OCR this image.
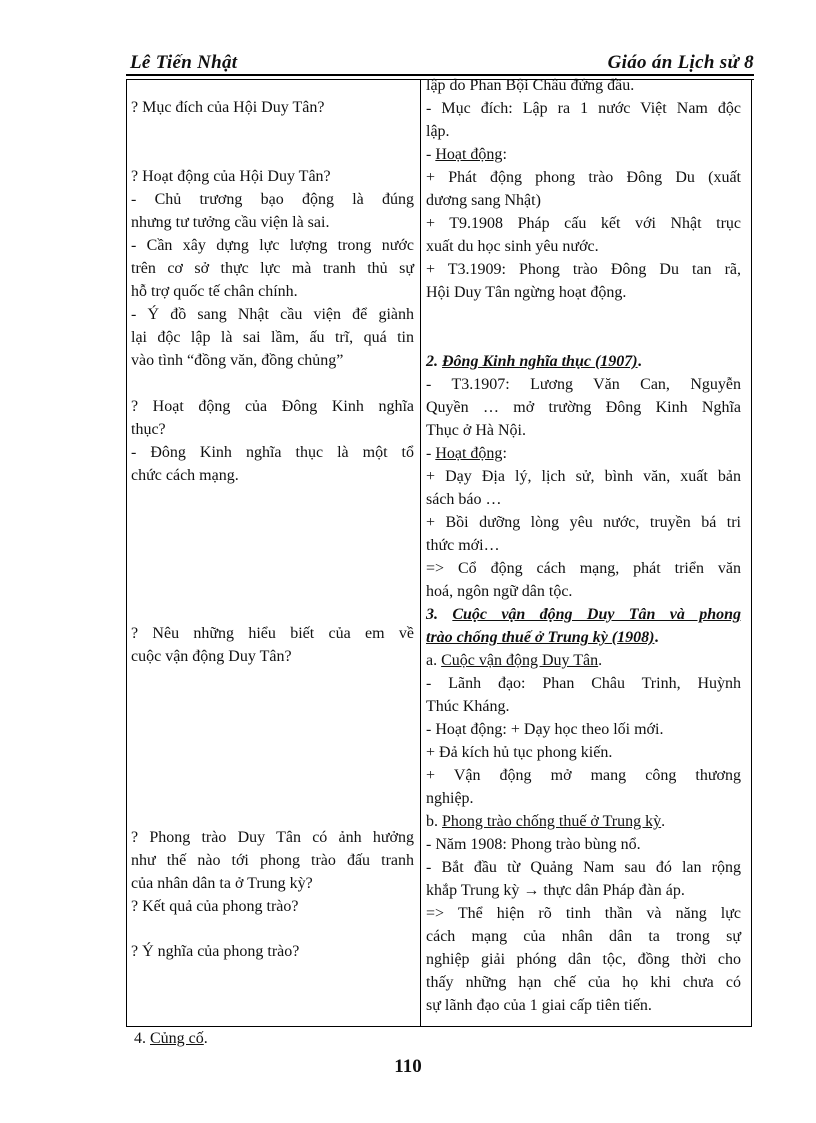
Lê Tiến Nhật	Giáo án Lịch sử 8
? Mục đích của Hội Duy Tân?
? Hoạt động của Hội Duy Tân?
- Chủ trương bạo động là đúng
nhưng tư tưởng cầu viện là sai.
- Cần xây dựng lực lượng trong nước
trên cơ sở thực lực mà tranh thủ sự
hỗ trợ quốc tế chân chính.
- Ý đồ sang Nhật cầu viện để giành
lại độc lập là sai lầm, ấu trĩ, quá tin
vào tình “đồng văn, đồng chủng”
? Hoạt động của Đông Kinh nghĩa
thục?
- Đông Kinh nghĩa thục là một tổ
chức cách mạng.
? Nêu những hiểu biết của em về
cuộc vận động Duy Tân?
? Phong trào Duy Tân có ảnh hưởng
như thế nào tới phong trào đấu tranh
của nhân dân ta ở Trung kỳ?
? Kết quả của phong trào?
? Ý nghĩa của phong trào?
lập do Phan Bội Châu đứng đầu.
- Mục đích: Lập ra 1 nước Việt Nam độc
lập.
- Hoạt động:
+ Phát động phong trào Đông Du (xuất
dương sang Nhật)
+ T9.1908 Pháp cấu kết với Nhật trục
xuất du học sinh yêu nước.
+ T3.1909: Phong trào Đông Du tan rã,
Hội Duy Tân ngừng hoạt động.
2. Đông Kinh nghĩa thục (1907).
- T3.1907: Lương Văn Can, Nguyễn
Quyền … mở trường Đông Kinh Nghĩa
Thục ở Hà Nội.
- Hoạt động:
+ Dạy Địa lý, lịch sử, bình văn, xuất bản
sách báo …
+ Bồi dưỡng lòng yêu nước, truyền bá tri
thức mới…
=> Cổ động cách mạng, phát triển văn
hoá, ngôn ngữ dân tộc.
3. Cuộc vận động Duy Tân và phong
trào chống thuế ở Trung kỳ (1908).
a. Cuộc vận động Duy Tân.
- Lãnh đạo: Phan Châu Trinh, Huỳnh
Thúc Kháng.
- Hoạt động: + Dạy học theo lối mới.
+ Đả kích hủ tục phong kiến.
+ Vận động mở mang công thương
nghiệp.
b. Phong trào chống thuế ở Trung kỳ.
- Năm 1908: Phong trào bùng nổ.
- Bắt đầu từ Quảng Nam sau đó lan rộng
khắp Trung kỳ → thực dân Pháp đàn áp.
=> Thể hiện rõ tinh thần và năng lực
cách mạng của nhân dân ta trong sự
nghiệp giải phóng dân tộc, đồng thời cho
thấy những hạn chế của họ khi chưa có
sự lãnh đạo của 1 giai cấp tiên tiến.
4. Củng cố.
110
